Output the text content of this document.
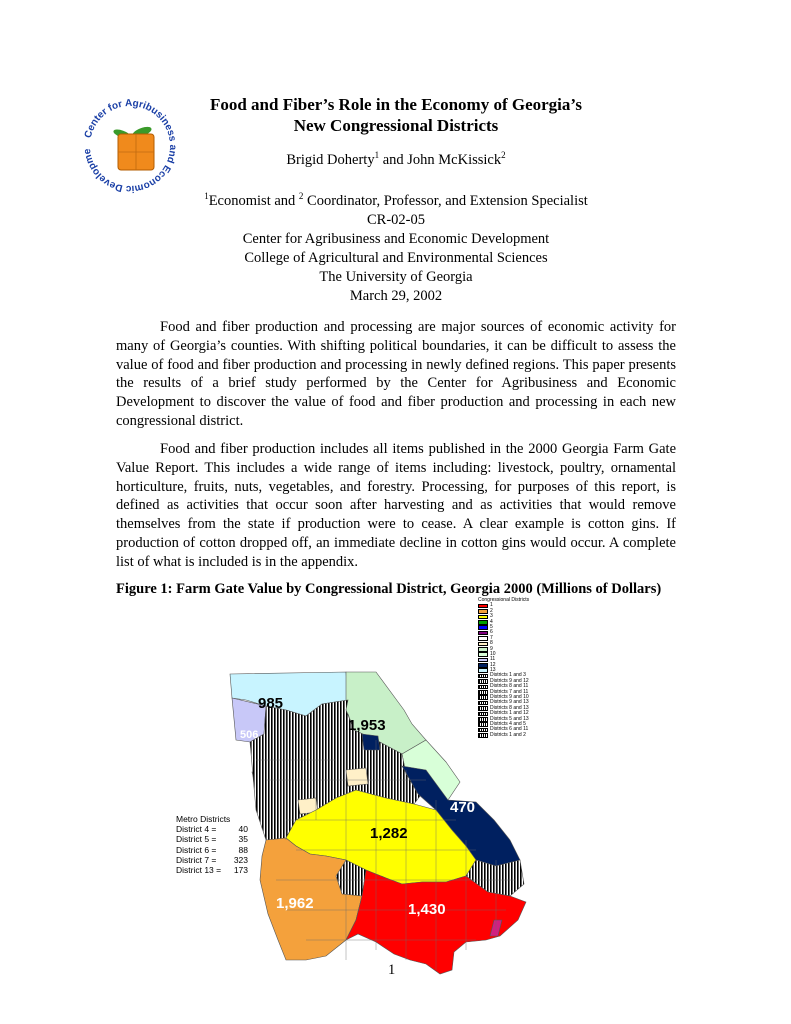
Center for Agribusiness and Economic Developme
Food and Fiber’s Role in the Economy of Georgia’s
New Congressional Districts
Brigid Doherty$^1$ and John McKissick$^2$
$^1$Economist and $^2$ Coordinator, Professor, and Extension Specialist
CR-02-05
Center for Agribusiness and Economic Development
College of Agricultural and Environmental Sciences
The University of Georgia
March 29, 2002
Food and fiber production and processing are major sources of economic activity for many of Georgia’s counties. With shifting political boundaries, it can be difficult to assess the value of food and fiber production and processing in newly defined regions. This paper presents the results of a brief study performed by the Center for Agribusiness and Economic Development to discover the value of food and fiber production and processing in each new congressional district.
Food and fiber production includes all items published in the 2000 Georgia Farm Gate Value Report. This includes a wide range of items including: livestock, poultry, ornamental horticulture, fruits, nuts, vegetables, and forestry. Processing, for purposes of this report, is defined as activities that occur soon after harvesting and as activities that would remove themselves from the state if production were to cease. A clear example is cotton gins. If production of cotton dropped off, an immediate decline in cotton gins would occur. A complete list of what is included is in the appendix.
Figure 1: Farm Gate Value by Congressional District, Georgia 2000 (Millions of Dollars)
Congressional Districts
1
2
3
4
5
6
7
8
9
10
11
12
13
Districts 1 and 3
Districts 9 and 12
Districts 8 and 11
Districts 7 and 11
Districts 9 and 10
Districts 9 and 13
Districts 8 and 13
Districts 1 and 12
Districts 5 and 13
Districts 4 and 5
Districts 6 and 11
Districts 1 and 2
985
506
1,953
470
1,282
1,962	1,430
Metro Districts
District 4 =	40
District 5 =	35
District 6 =	88
District 7 =	323
District 13 =	173
1
